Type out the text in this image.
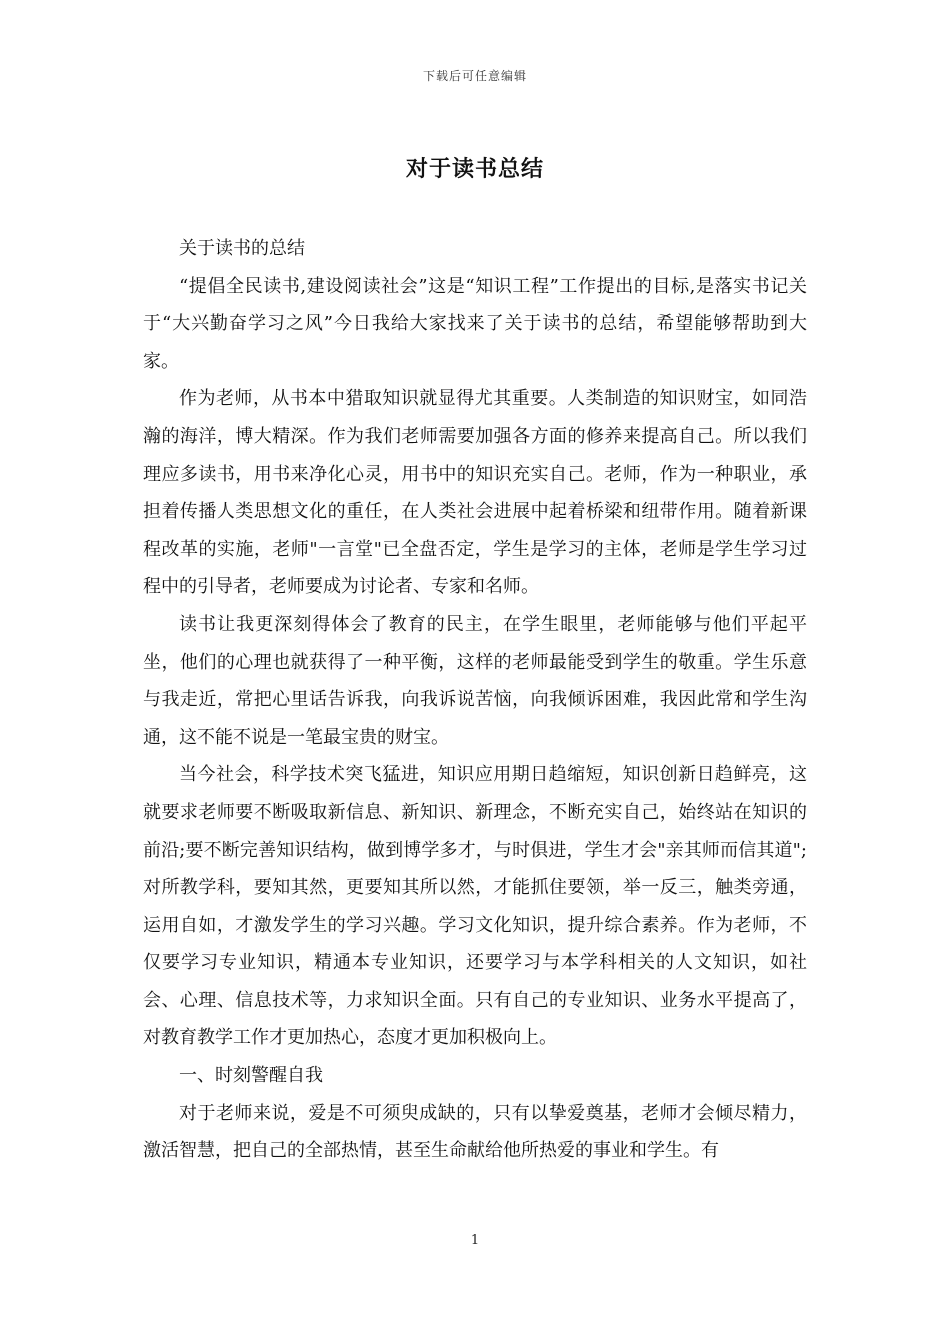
下载后可任意编辑
对于读书总结

关于读书的总结

“提倡全民读书,建设阅读社会”这是“知识工程”工作提出的目标,是落实书记关于“大兴勤奋学习之风”今日我给大家找来了关于读书的总结，希望能够帮助到大家。

作为老师，从书本中猎取知识就显得尤其重要。人类制造的知识财宝，如同浩瀚的海洋，博大精深。作为我们老师需要加强各方面的修养来提高自己。所以我们理应多读书，用书来净化心灵，用书中的知识充实自己。老师，作为一种职业，承担着传播人类思想文化的重任，在人类社会进展中起着桥梁和纽带作用。随着新课程改革的实施，老师"一言堂"已全盘否定，学生是学习的主体，老师是学生学习过程中的引导者，老师要成为讨论者、专家和名师。

读书让我更深刻得体会了教育的民主，在学生眼里，老师能够与他们平起平坐，他们的心理也就获得了一种平衡，这样的老师最能受到学生的敬重。学生乐意与我走近，常把心里话告诉我，向我诉说苦恼，向我倾诉困难，我因此常和学生沟通，这不能不说是一笔最宝贵的财宝。

当今社会，科学技术突飞猛进，知识应用期日趋缩短，知识创新日趋鲜亮，这就要求老师要不断吸取新信息、新知识、新理念，不断充实自己，始终站在知识的前沿;要不断完善知识结构，做到博学多才，与时俱进，学生才会"亲其师而信其道";对所教学科，要知其然，更要知其所以然，才能抓住要领，举一反三，触类旁通，运用自如，才激发学生的学习兴趣。学习文化知识，提升综合素养。作为老师，不仅要学习专业知识，精通本专业知识，还要学习与本学科相关的人文知识，如社会、心理、信息技术等，力求知识全面。只有自己的专业知识、业务水平提高了，对教育教学工作才更加热心，态度才更加积极向上。

一、时刻警醒自我

对于老师来说，爱是不可须臾成缺的，只有以挚爱奠基，老师才会倾尽精力，激活智慧，把自己的全部热情，甚至生命献给他所热爱的事业和学生。有

1
